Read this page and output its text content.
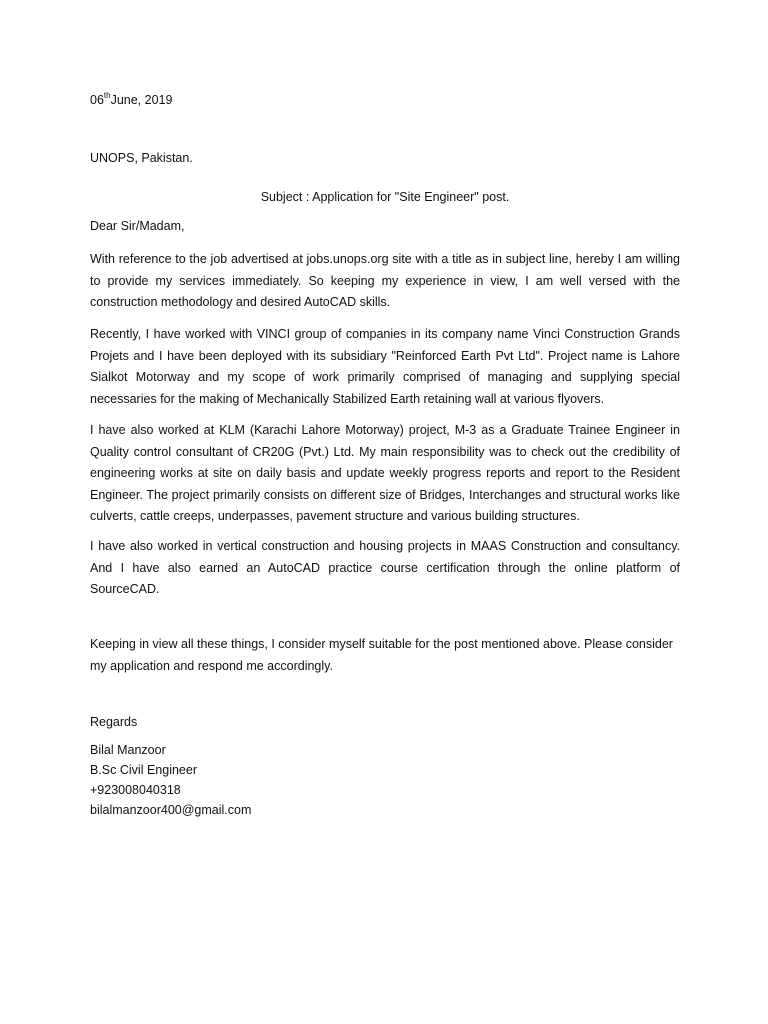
06thJune, 2019
UNOPS, Pakistan.
Subject : Application for "Site Engineer" post.
Dear Sir/Madam,

With reference to the job advertised at jobs.unops.org site with a title as in subject line, hereby I am willing to provide my services immediately. So keeping my experience in view, I am well versed with the construction methodology and desired AutoCAD skills.

Recently, I have worked with VINCI group of companies in its company name Vinci Construction Grands Projets and I have been deployed with its subsidiary "Reinforced Earth Pvt Ltd". Project name is Lahore Sialkot Motorway and my scope of work primarily comprised of managing and supplying special necessaries for the making of Mechanically Stabilized Earth retaining wall at various flyovers.

I have also worked at KLM (Karachi Lahore Motorway) project, M-3 as a Graduate Trainee Engineer in Quality control consultant of CR20G (Pvt.) Ltd. My main responsibility was to check out the credibility of engineering works at site on daily basis and update weekly progress reports and report to the Resident Engineer. The project primarily consists on different size of Bridges, Interchanges and structural works like culverts, cattle creeps, underpasses, pavement structure and various building structures.

I have also worked in vertical construction and housing projects in MAAS Construction and consultancy. And I have also earned an AutoCAD practice course certification through the online platform of SourceCAD.

Keeping in view all these things, I consider myself suitable for the post mentioned above. Please consider my application and respond me accordingly.

Regards
Bilal Manzoor
B.Sc Civil Engineer
+923008040318
bilalmanzoor400@gmail.com
